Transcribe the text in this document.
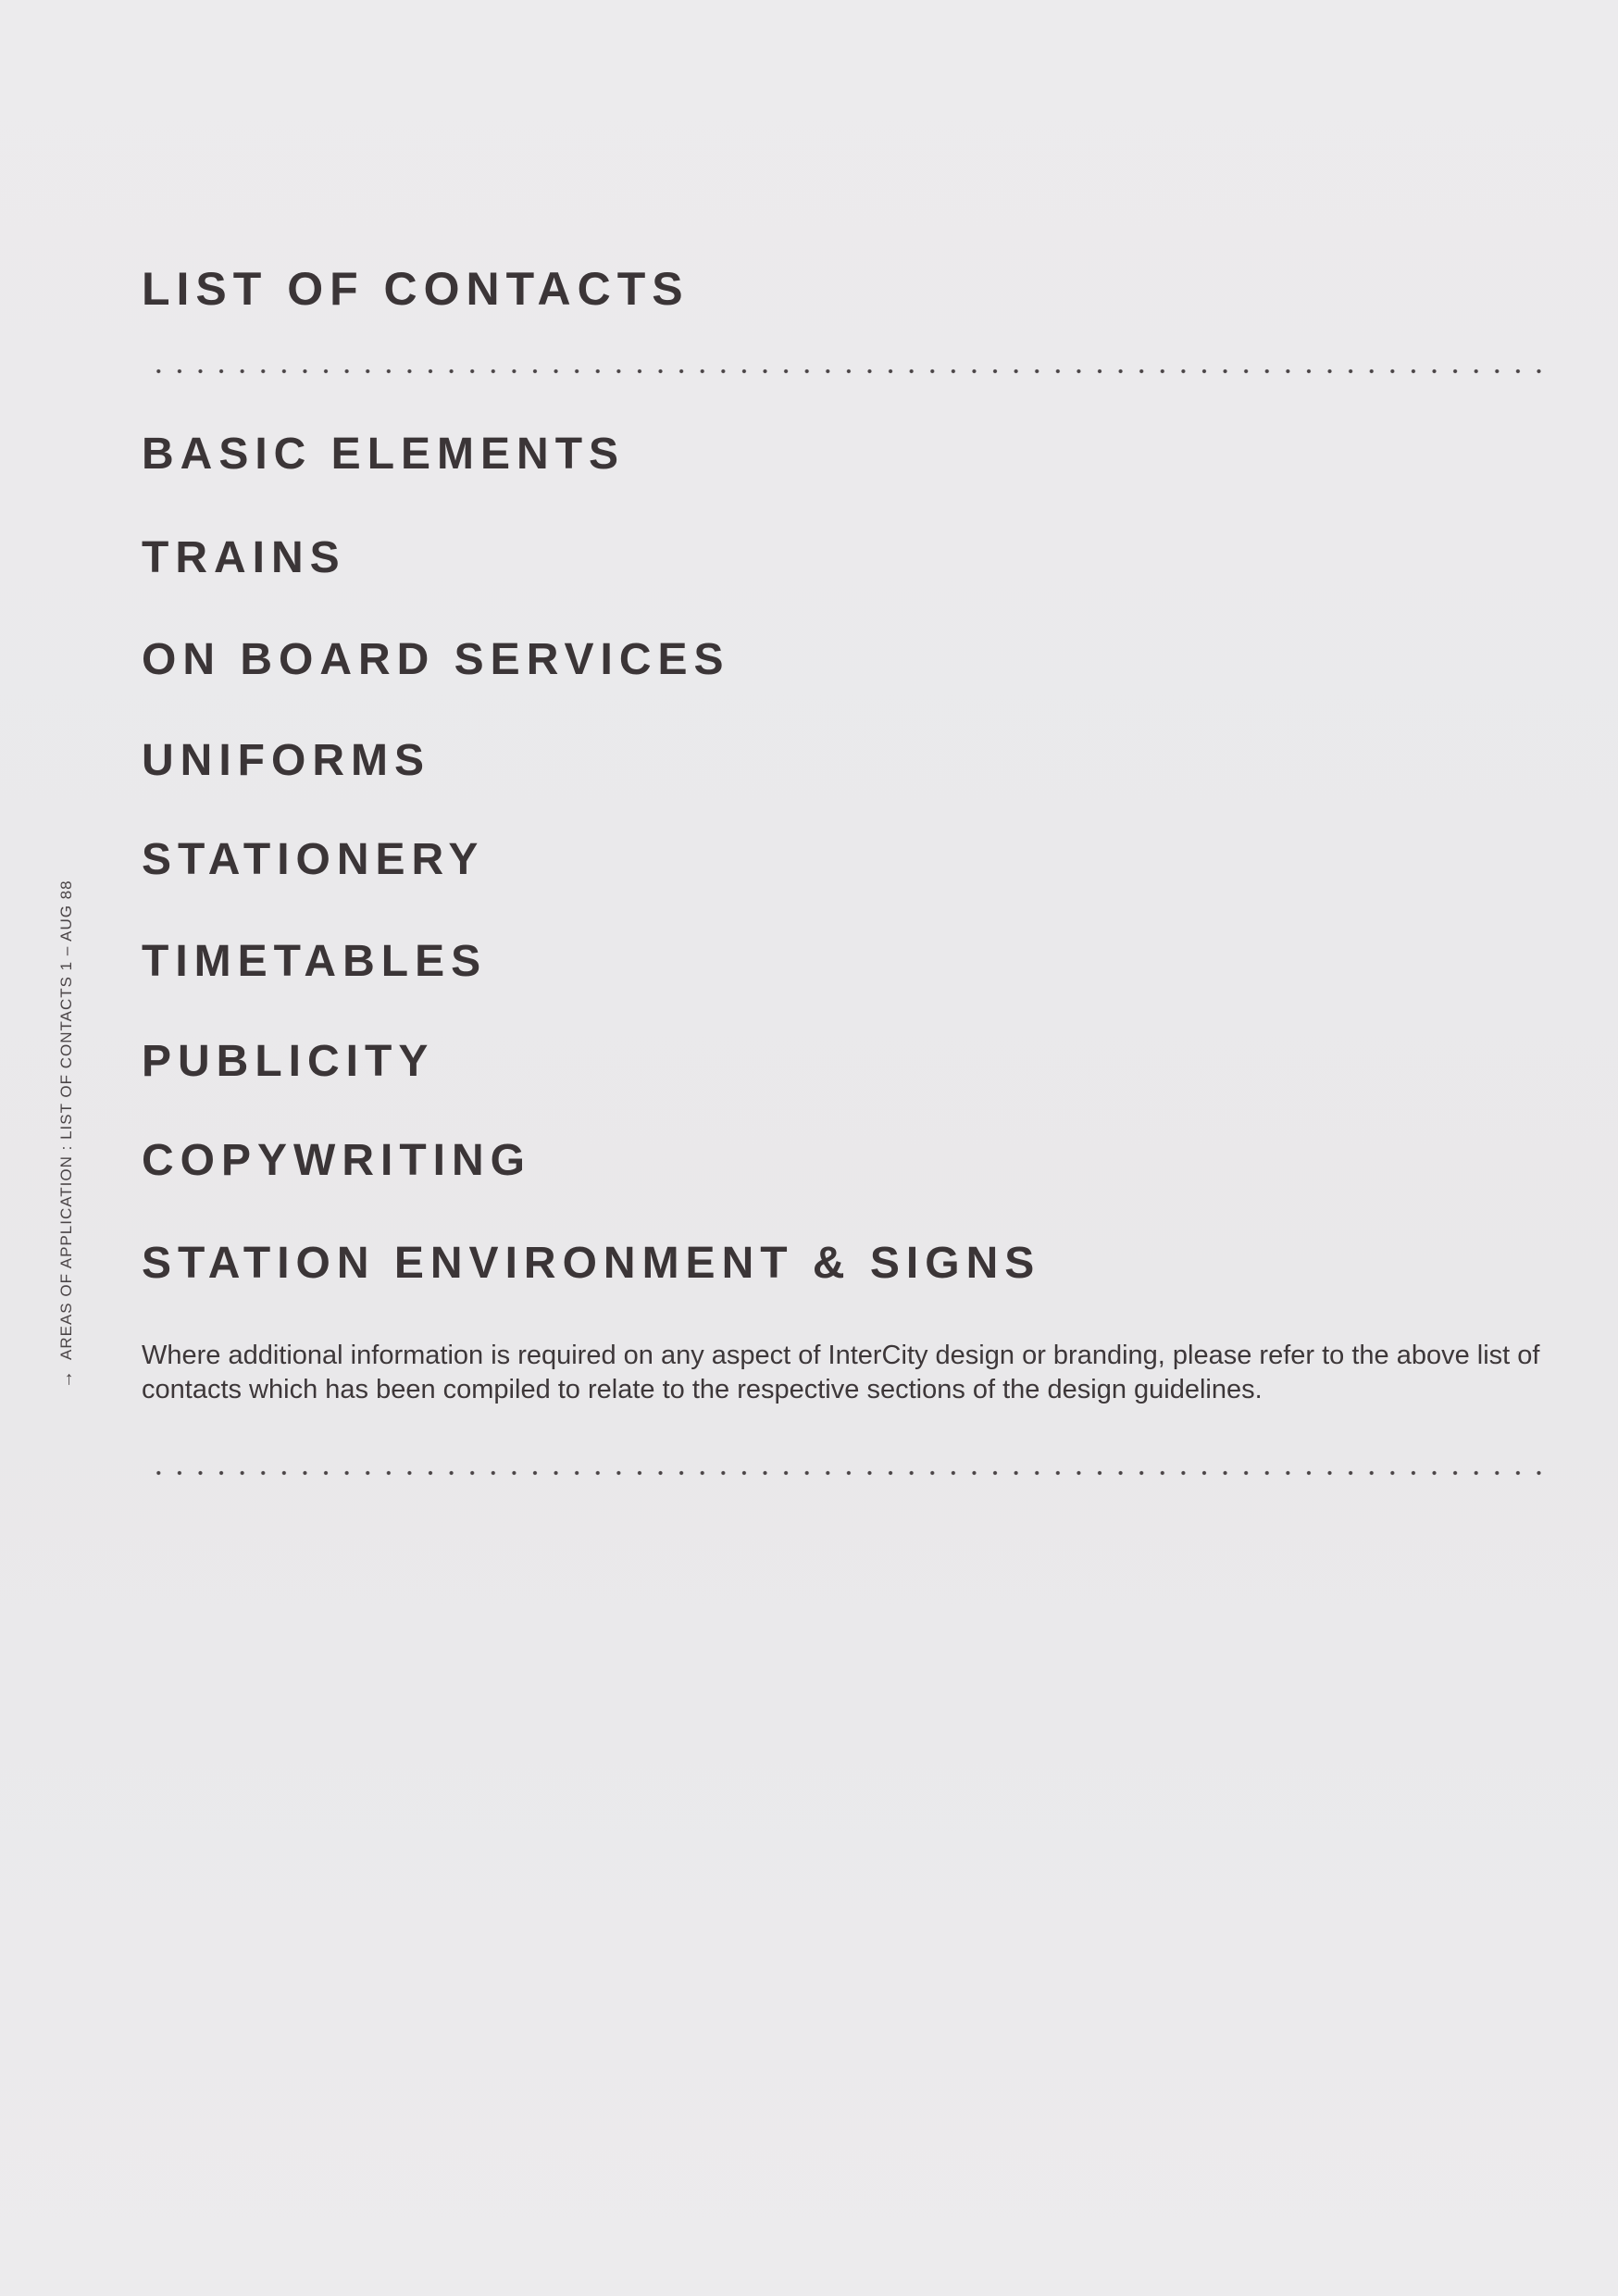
→
AREAS OF APPLICATION : LIST OF CONTACTS 1 – AUG 88
LIST OF CONTACTS
BASIC ELEMENTS
TRAINS
ON BOARD SERVICES
UNIFORMS
STATIONERY
TIMETABLES
PUBLICITY
COPYWRITING
STATION ENVIRONMENT & SIGNS

Where additional information is required on any aspect of InterCity design or branding, please refer to the above list of contacts which has been compiled to relate to the respective sections of the design guidelines.
